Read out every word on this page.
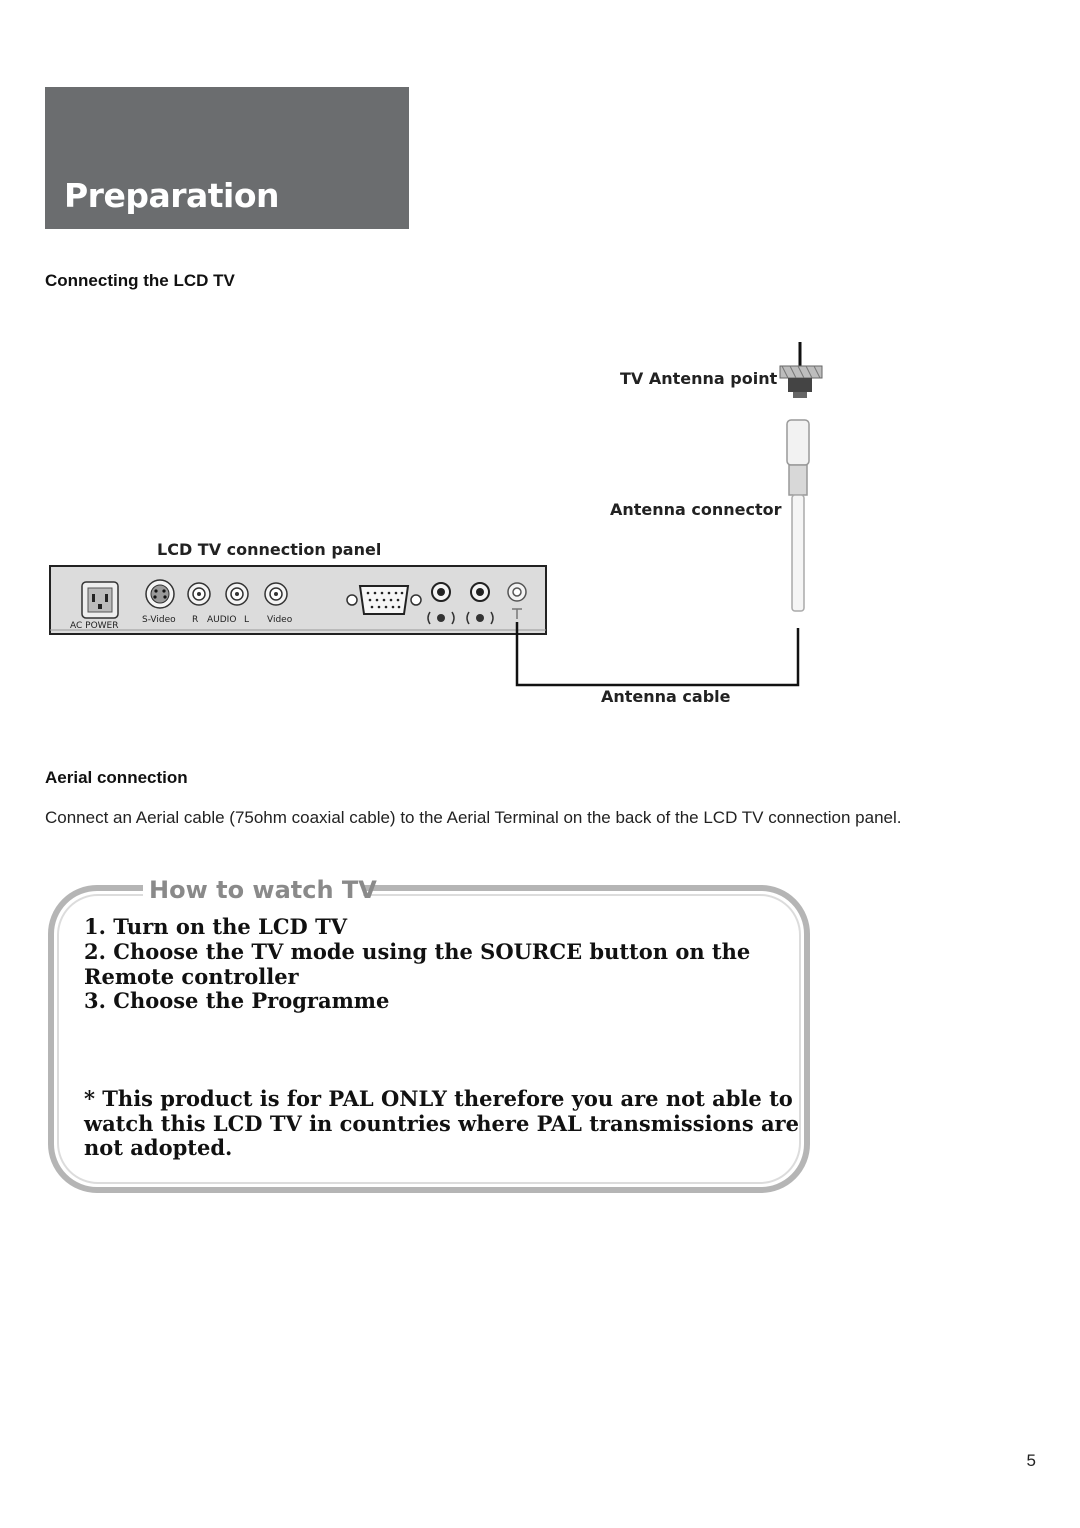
Preparation
Connecting the LCD TV
TV Antenna point
Antenna connector
LCD TV connection panel
AC POWER
S-Video R AUDIO L Video
Antenna cable
Aerial connection

Connect an Aerial cable (75ohm coaxial cable) to the Aerial Terminal on the back of the LCD TV connection panel.

How to watch TV

1. Turn on the LCD TV

2. Choose the TV mode using the SOURCE button on the Remote controller

3. Choose the Programme

* This product is for PAL ONLY therefore you are not able to watch this LCD TV in countries where PAL transmissions are not adopted.

5
